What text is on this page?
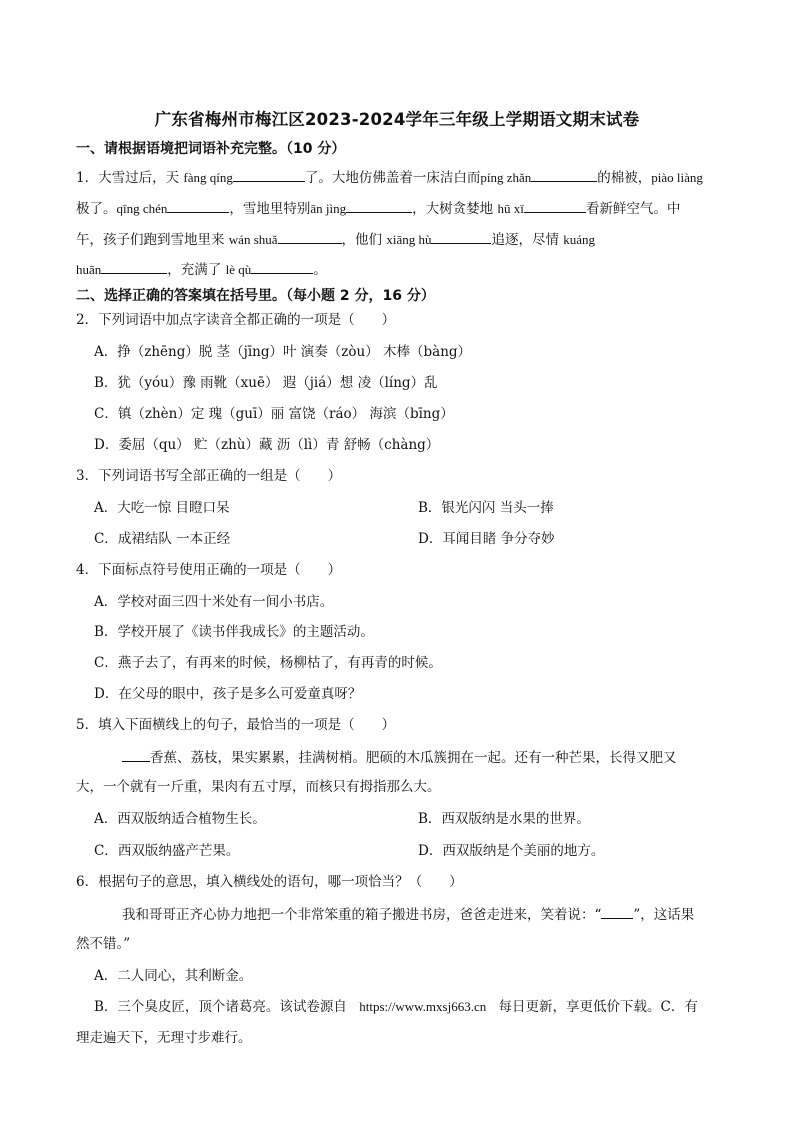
广东省梅州市梅江区2023-2024学年三年级上学期语文期末试卷
一、请根据语境把词语补充完整。（10 分）
1．大雪过后，天 fàng qíng	了。大地仿佛盖着一床洁白而píng zhǎn	的棉被，piào liàng
极了。qīng chén	，雪地里特别ān jìng	，大树贪婪地 hū xī	看新鲜空气。中
午，孩子们跑到雪地里来 wán shuǎ	，他们 xiāng hù	追逐，尽情 kuáng
huān	，充满了 lè qù	。
二、选择正确的答案填在括号里。（每小题 2 分，16 分）
2．下列词语中加点字读音全都正确的一项是（　　）
A．挣（zhēng）脱 茎（jīng）叶 演奏（zòu） 木棒（bàng）
B．犹（yóu）豫 雨靴（xuē） 遐（jiá）想 凌（líng）乱
C．镇（zhèn）定 瑰（guī）丽 富饶（ráo） 海滨（bīng）
D．委屈（qu） 贮（zhù）藏 沥（lì）青 舒畅（chàng）
3．下列词语书写全部正确的一组是（　　）
A．大吃一惊 目瞪口呆	B．银光闪闪 当头一捧
C．成裙结队 一本正经	D．耳闻目睹 争分夺妙
4．下面标点符号使用正确的一项是（　　）
A．学校对面三四十米处有一间小书店。
B．学校开展了《读书伴我成长》的主题活动。
C．燕子去了，有再来的时候，杨柳枯了，有再青的时候。
D．在父母的眼中，孩子是多么可爱童真呀？
5．填入下面横线上的句子，最恰当的一项是（　　）
香蕉、荔枝，果实累累，挂满树梢。肥硕的木瓜簇拥在一起。还有一种芒果，长得又肥又
大，一个就有一斤重，果肉有五寸厚，而核只有拇指那么大。
A．西双版纳适合植物生长。	B．西双版纳是水果的世界。
C．西双版纳盛产芒果。	D．西双版纳是个美丽的地方。
6．根据句子的意思，填入横线处的语句，哪一项恰当？（　　）
我和哥哥正齐心协力地把一个非常笨重的箱子搬进书房，爸爸走进来，笑着说：“ ”，这话果
然不错。”
A．二人同心，其利断金。
B．三个臭皮匠，顶个诸葛亮。该试卷源自 https://www.mxsj663.cn 每日更新，享更低价下载。C．有
理走遍天下，无理寸步难行。
